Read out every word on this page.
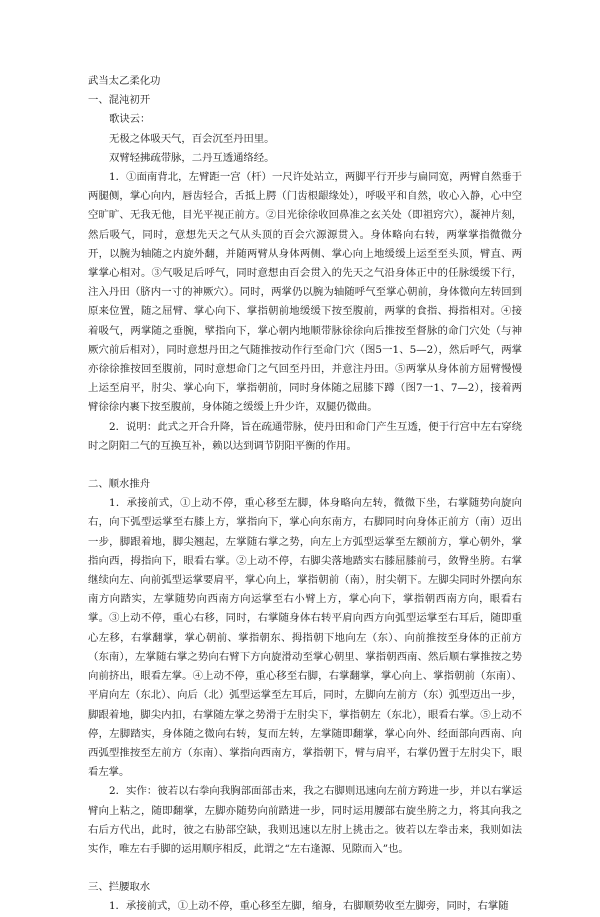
武当太乙柔化功

一、混沌初开

歌诀云：

无极之体吸天气，百会沉至丹田里。

双臂轻拂疏带脉，二丹互透通络经。

1．①面南背北，左臂距一宫（杆）一尺许处站立，两脚平行开步与扁同宽，两臂自然垂于两腿侧，掌心向内，唇齿轻合，舌抵上腭（门齿根龈缘处），呼吸平和自然，收心入静，心中空空旷旷、无我无他，目光平视正前方。②目光徐徐收回鼻准之玄关处（即祖窍穴），凝神片刻，然后吸气，同时，意想先天之气从头顶的百会穴源源贯入。身体略向右转，两掌掌指微微分开，以腕为轴随之内旋外翻，并随两臂从身体两侧、掌心向上地缓缓上运至至头顶，臂直、两掌掌心相对。③气吸足后呼气，同时意想由百会贯入的先天之气沿身体正中的任脉缓缓下行，注入丹田（脐内一寸的神厥穴）。同时，两掌仍以腕为轴随呼气至掌心朝前，身体微向左转回到原来位置，随之屈臂、掌心向下、掌指朝前地缓缓下按至腹前，两掌的食指、拇指相对。④接着吸气，两掌随之垂腕，擘指向下，掌心朝内地顺带脉徐徐向后推按至督脉的命门穴处（与神厥穴前后相对），同时意想丹田之气随推按动作行至命门穴（图5一1、5—2），然后呼气，两掌亦徐徐推按回至腹前，同时意想命门之气回至丹田，并意注丹田。⑤两掌从身体前方屈臂慢慢上运至肩平，肘尖、掌心向下，掌指朝前，同时身体随之屈膝下蹲（图7一1、7—2），接着两臂徐徐内裹下按至腹前，身体随之缓缓上升少许，双腿仍微曲。

2．说明：此式之开合升降，旨在疏通带脉，使丹田和命门产生互透，便于行宫中左右穿绕时之阴阳二气的互换互补，赖以达到调节阴阳平衡的作用。

二、顺水推舟

1．承接前式，①上动不停，重心移至左脚，体身略向左转，微微下坐，右掌随势向旋向右，向下弧型运掌至右膝上方，掌指向下，掌心向东南方，右脚同时向身体正前方（南）迈出一步，脚跟着地，脚尖翘起，左掌随右掌之势，向左上方弧型运掌至左额前方，掌心朝外，掌指向西，拇指向下，眼看右掌。②上动不停，右脚尖落地踏实右膝屈膝前弓，敛臀坐胯。右掌继续向左、向前弧型运掌要肩平，掌心向上，掌指朝前（南），肘尖朝下。左脚尖同时外摆向东南方向踏实，左掌随势向西南方向运掌至右小臂上方，掌心向下，掌指朝西南方向，眼看右掌。③上动不停，重心右移，同时，右掌随身体右转平肩向西方向弧型运掌至右耳后，随即重心左移，右掌翻掌，掌心朝前、掌指朝东、拇指朝下地向左（东）、向前推按至身体的正前方（东南），左掌随右掌之势向右臂下方向旋滑动至掌心朝里、掌指朝西南、然后顺右掌推按之势向前挤出，眼看左掌。④上动不停，重心移至右脚，右掌翻掌，掌心向上、掌指朝前（东南）、平肩向左（东北）、向后（北）弧型运掌至左耳后，同时，左脚向左前方（东）弧型迈出一步，脚跟着地，脚尖内扣，右掌随左掌之势滑于左肘尖下，掌指朝左（东北），眼看右掌。⑤上动不停，左脚踏实，身体随之微向右转，复而左转，左掌随即翻掌，掌心向外、经面部向西南、向西弧型推按至左前方（东南）、掌指向西南方，掌指朝下，臂与肩平，右掌仍置于左肘尖下，眼看左掌。

2．实作：彼若以右拳向我胸部面部击来，我之右脚则迅速向左前方跨进一步，并以右掌运臂向上粘之，随即翻掌，左脚亦随势向前踏进一步，同时运用腰部右旋坐胯之力，将其向我之右后方代出，此时，彼之右胁部空缺，我则迅速以左肘上挑击之。彼若以左拳击来，我则如法实作，唯左右手脚的运用顺序相反，此谓之“左右逢源、见隙而入”也。

三、拦腰取水

1．承接前式，①上动不停，重心移至左脚，缩身，右脚顺势收至左脚旁，同时，右掌随
